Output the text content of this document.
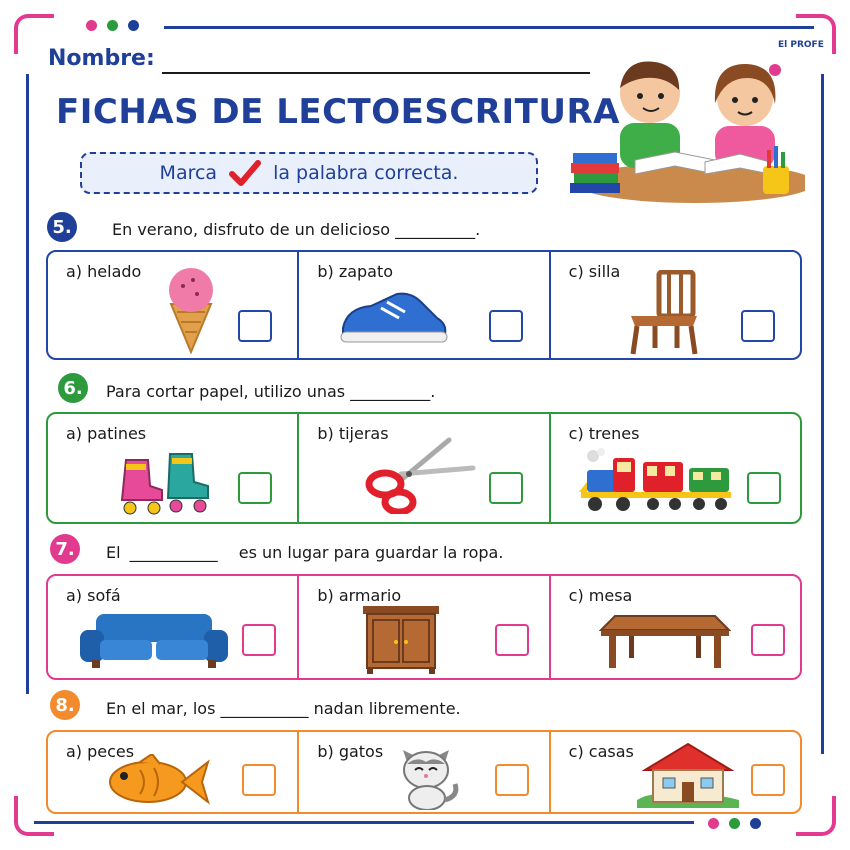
Nombre:
FICHAS DE LECTOESCRITURA
Marca	la palabra correcta.
El PROFE
5.	En verano, disfruto de un delicioso __________.
a) helado	b) zapato	c) silla
6.	Para cortar papel, utilizo unas __________.
a) patines	b) tijeras	c) trenes
7.	El ___________ es un lugar para guardar la ropa.
a) sofá	b) armario	c) mesa
8.	En el mar, los ___________ nadan libremente.
a) peces	b) gatos	c) casas
